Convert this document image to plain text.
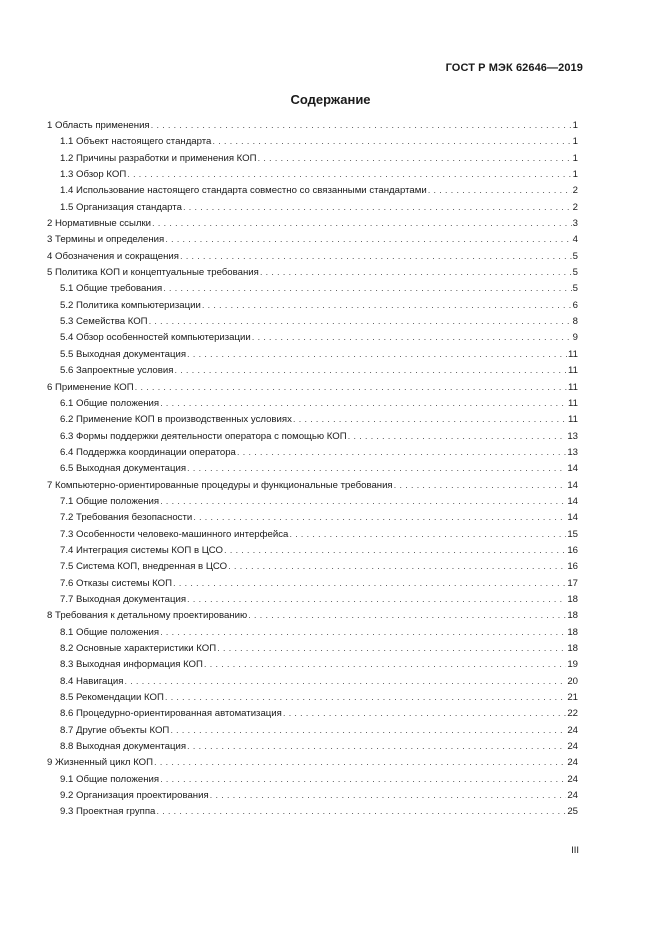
ГОСТ Р МЭК 62646—2019
Содержание
1 Область применения . . .	1
1.1 Объект настоящего стандарта . . .	1
1.2 Причины разработки и применения КОП . . .	1
1.3 Обзор КОП . . .	1
1.4 Использование настоящего стандарта совместно со связанными стандартами . . .	2
1.5 Организация стандарта . . .	2
2 Нормативные ссылки . . .	3
3 Термины и определения . . .	4
4 Обозначения и сокращения . . .	5
5 Политика КОП и концептуальные требования . . .	5
5.1 Общие требования . . .	5
5.2 Политика компьютеризации . . .	6
5.3 Семейства КОП . . .	8
5.4 Обзор особенностей компьютеризации . . .	9
5.5 Выходная документация . . .	11
5.6 Запроектные условия . . .	11
6 Применение КОП . . .	11
6.1 Общие положения . . .	11
6.2 Применение КОП в производственных условиях . . .	11
6.3 Формы поддержки деятельности оператора с помощью КОП . . .	13
6.4 Поддержка координации оператора . . .	13
6.5 Выходная документация . . .	14
7 Компьютерно-ориентированные процедуры и функциональные требования . . .	14
7.1 Общие положения . . .	14
7.2 Требования безопасности . . .	14
7.3 Особенности человеко-машинного интерфейса . . .	15
7.4 Интеграция системы КОП в ЦСО . . .	16
7.5 Система КОП, внедренная в ЦСО . . .	16
7.6 Отказы системы КОП . . .	17
7.7 Выходная документация . . .	18
8 Требования к детальному проектированию . . .	18
8.1 Общие положения . . .	18
8.2 Основные характеристики КОП . . .	18
8.3 Выходная информация КОП . . .	19
8.4 Навигация . . .	20
8.5 Рекомендации КОП . . .	21
8.6 Процедурно-ориентированная автоматизация . . .	22
8.7 Другие объекты КОП . . .	24
8.8 Выходная документация . . .	24
9 Жизненный цикл КОП . . .	24
9.1 Общие положения . . .	24
9.2 Организация проектирования . . .	24
9.3 Проектная группа . . .	25
III
